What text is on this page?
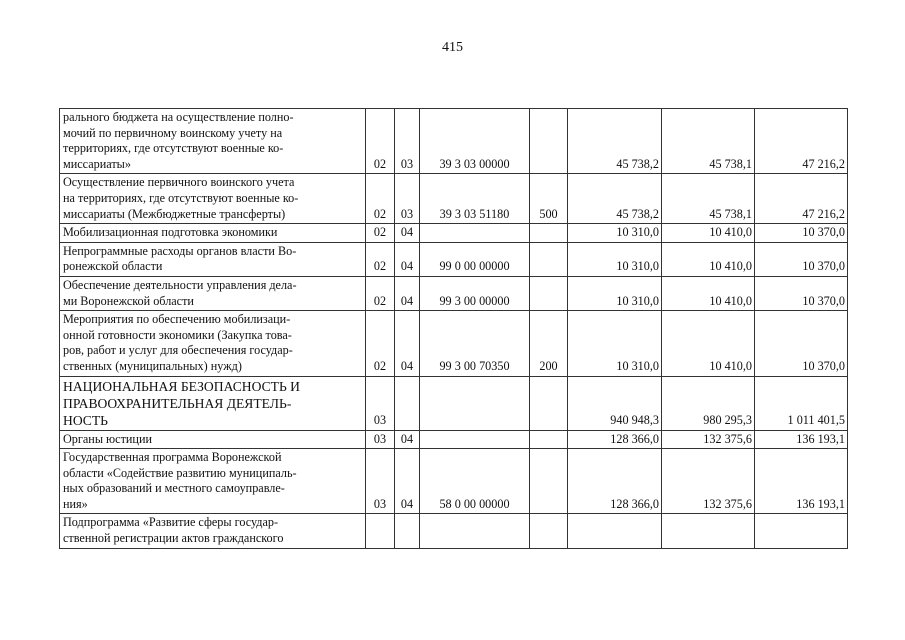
415
рального бюджета на осуществление полно-
мочий по первичному воинскому учету на
территориях, где отсутствуют военные ко-
миссариаты»	02	03	39 3 03 00000		45 738,2	45 738,1	47 216,2

Осуществление первичного воинского учета
на территориях, где отсутствуют военные ко-
миссариаты (Межбюджетные трансферты)	02	03	39 3 03 51180	500	45 738,2	45 738,1	47 216,2

Мобилизационная подготовка экономики	02	04			10 310,0	10 410,0	10 370,0

Непрограммные расходы органов власти Во-
ронежской области	02	04	99 0 00 00000		10 310,0	10 410,0	10 370,0

Обеспечение деятельности управления дела-
ми Воронежской области	02	04	99 3 00 00000		10 310,0	10 410,0	10 370,0

Мероприятия по обеспечению мобилизаци-
онной готовности экономики (Закупка това-
ров, работ и услуг для обеспечения государ-
ственных (муниципальных) нужд)	02	04	99 3 00 70350	200	10 310,0	10 410,0	10 370,0

НАЦИОНАЛЬНАЯ БЕЗОПАСНОСТЬ И
ПРАВООХРАНИТЕЛЬНАЯ ДЕЯТЕЛЬ-
НОСТЬ	03				940 948,3	980 295,3	1 011 401,5

Органы юстиции	03	04			128 366,0	132 375,6	136 193,1

Государственная программа Воронежской
области «Содействие развитию муниципаль-
ных образований и местного самоуправле-
ния»	03	04	58 0 00 00000		128 366,0	132 375,6	136 193,1

Подпрограмма «Развитие сферы государ-
ственной регистрации актов гражданского							
